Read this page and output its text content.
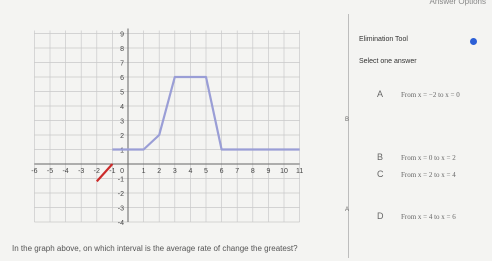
-6 -5 -4 -3 -2 -1	1 2 3 4 5 6 7 8 9 10 11
9
8
7
6
5
4
3
2
1
-1
-2
-3
-4
0
In the graph above, on which interval is the average rate of change the greatest?
Answer Options
Elimination Tool
Select one answer
A	From x = −2 to x = 0
B	From x = 0 to x = 2
C	From x = 2 to x = 4
D	From x = 4 to x = 6
B
A
